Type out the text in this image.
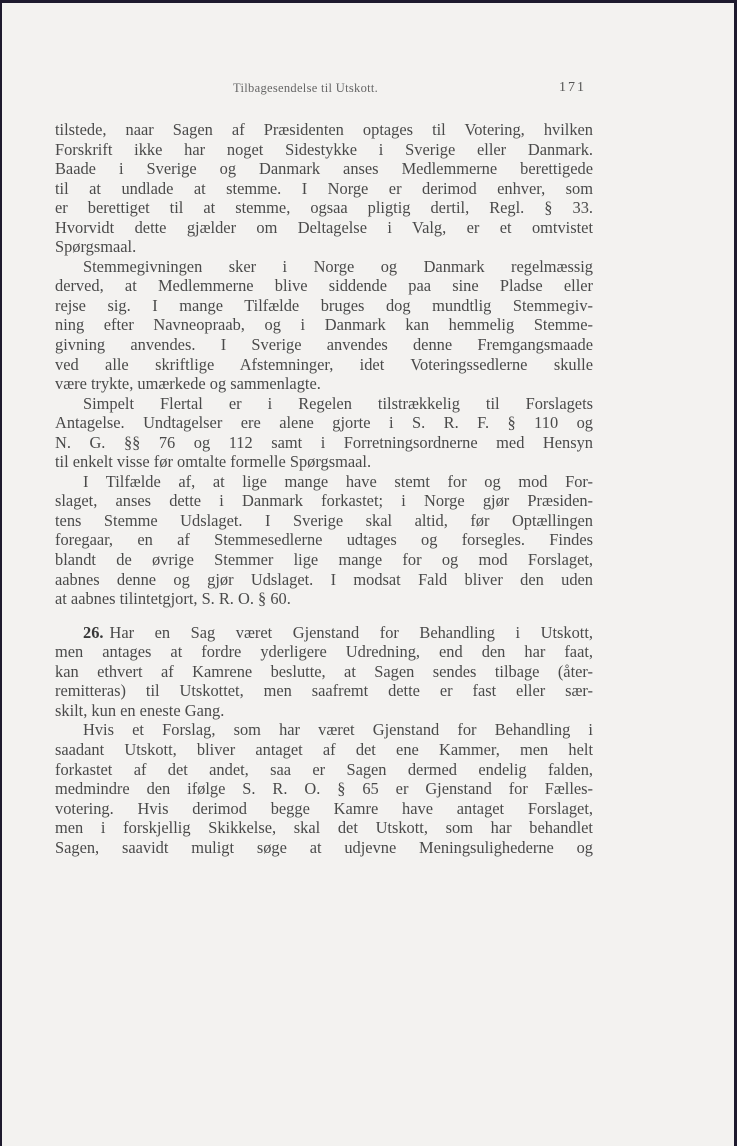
Tilbagesendelse til Utskott.	171
tilstede, naar Sagen af Præsidenten optages til Votering, hvilken
Forskrift ikke har noget Sidestykke i Sverige eller Danmark.
Baade i Sverige og Danmark anses Medlemmerne berettigede
til at undlade at stemme. I Norge er derimod enhver, som
er berettiget til at stemme, ogsaa pligtig dertil, Regl. § 33.
Hvorvidt dette gjælder om Deltagelse i Valg, er et omtvistet
Spørgsmaal.
Stemmegivningen sker i Norge og Danmark regelmæssig
derved, at Medlemmerne blive siddende paa sine Pladse eller
rejse sig. I mange Tilfælde bruges dog mundtlig Stemmegiv-
ning efter Navneopraab, og i Danmark kan hemmelig Stemme-
givning anvendes. I Sverige anvendes denne Fremgangsmaade
ved alle skriftlige Afstemninger, idet Voteringssedlerne skulle
være trykte, umærkede og sammenlagte.
Simpelt Flertal er i Regelen tilstrækkelig til Forslagets
Antagelse. Undtagelser ere alene gjorte i S. R. F. § 110 og
N. G. §§ 76 og 112 samt i Forretningsordnerne med Hensyn
til enkelt visse før omtalte formelle Spørgsmaal.
I Tilfælde af, at lige mange have stemt for og mod For-
slaget, anses dette i Danmark forkastet; i Norge gjør Præsiden-
tens Stemme Udslaget. I Sverige skal altid, før Optællingen
foregaar, en af Stemmesedlerne udtages og forsegles. Findes
blandt de øvrige Stemmer lige mange for og mod Forslaget,
aabnes denne og gjør Udslaget. I modsat Fald bliver den uden
at aabnes tilintetgjort, S. R. O. § 60.
26. Har en Sag været Gjenstand for Behandling i Utskott,
men antages at fordre yderligere Udredning, end den har faat,
kan ethvert af Kamrene beslutte, at Sagen sendes tilbage (åter-
remitteras) til Utskottet, men saafremt dette er fast eller sær-
skilt, kun en eneste Gang.
Hvis et Forslag, som har været Gjenstand for Behandling i
saadant Utskott, bliver antaget af det ene Kammer, men helt
forkastet af det andet, saa er Sagen dermed endelig falden,
medmindre den ifølge S. R. O. § 65 er Gjenstand for Fælles-
votering. Hvis derimod begge Kamre have antaget Forslaget,
men i forskjellig Skikkelse, skal det Utskott, som har behandlet
Sagen, saavidt muligt søge at udjevne Meningsulighederne og
